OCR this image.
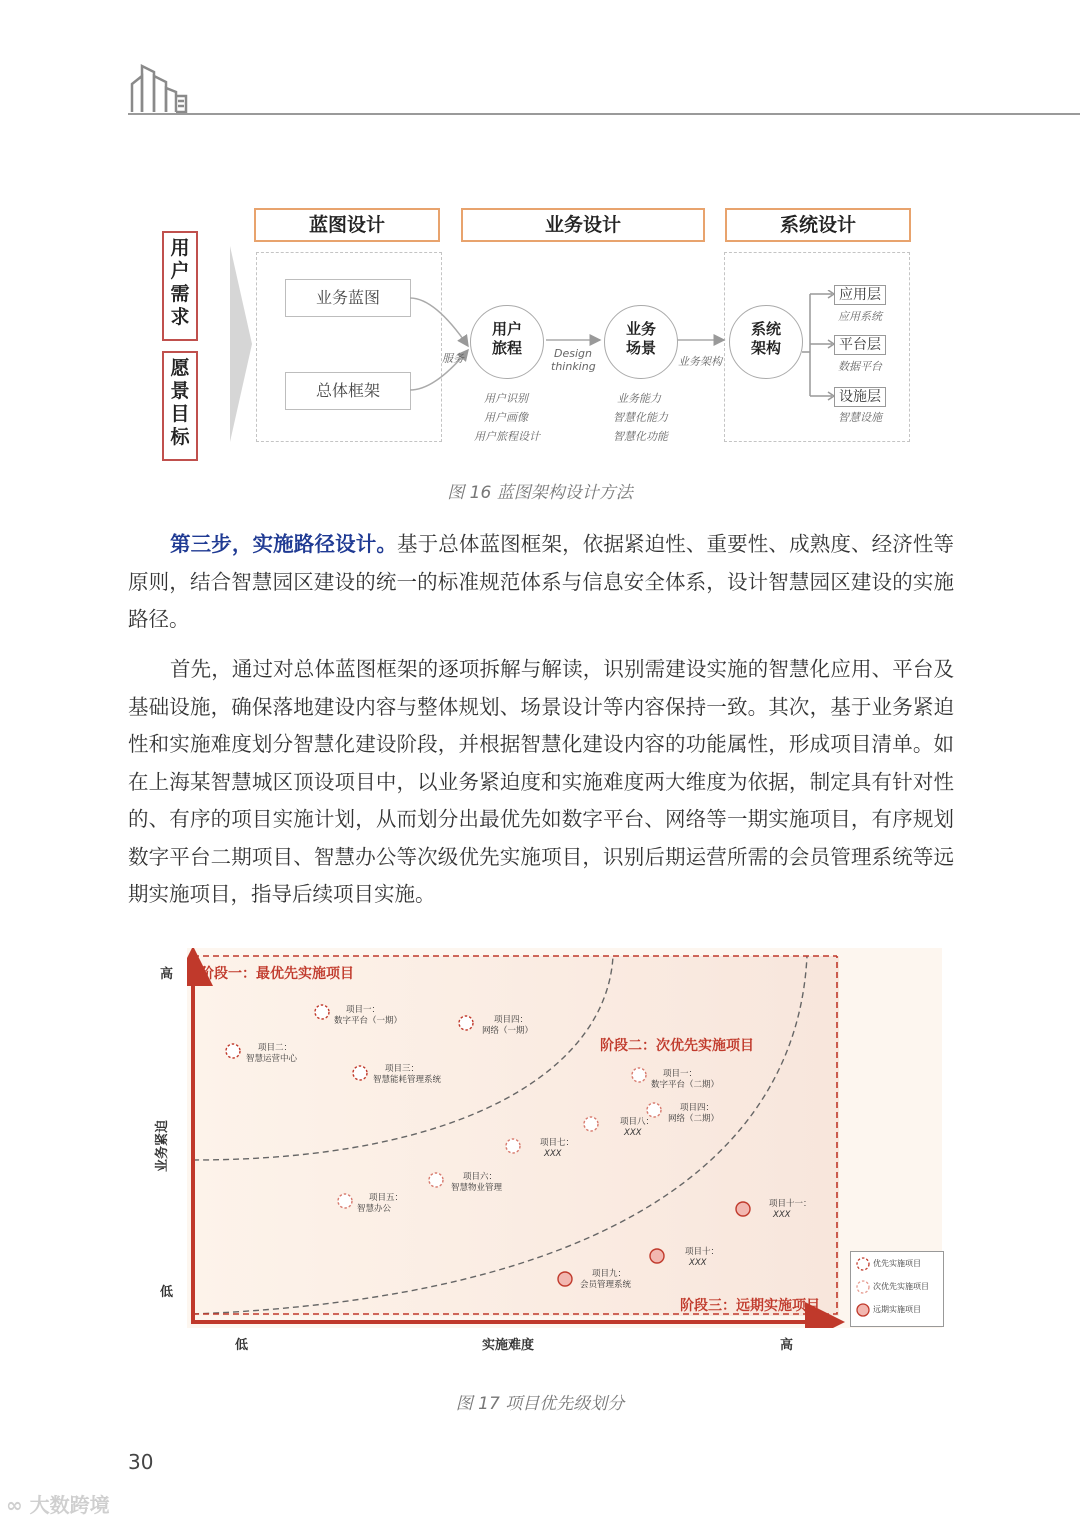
蓝图设计	业务设计	系统设计
用户需求
愿景目标
业务蓝图
总体框架
服务	Design
thinking	业务架构
用户
旅程
业务
场景
系统
架构
用户识别
用户画像
用户旅程设计
业务能力
智慧化能力
智慧化功能
应用层
应用系统
平台层
数据平台
设施层
智慧设施
图 16 蓝图架构设计方法

第三步，实施路径设计。基于总体蓝图框架，依据紧迫性、重要性、成熟度、经济性等原则，结合智慧园区建设的统一的标准规范体系与信息安全体系，设计智慧园区建设的实施路径。

首先，通过对总体蓝图框架的逐项拆解与解读，识别需建设实施的智慧化应用、平台及基础设施，确保落地建设内容与整体规划、场景设计等内容保持一致。其次，基于业务紧迫性和实施难度划分智慧化建设阶段，并根据智慧化建设内容的功能属性，形成项目清单。如在上海某智慧城区顶设项目中，以业务紧迫度和实施难度两大维度为依据，制定具有针对性的、有序的项目实施计划，从而划分出最优先如数字平台、网络等一期实施项目，有序规划数字平台二期项目、智慧办公等次级优先实施项目，识别后期运营所需的会员管理系统等远期实施项目，指导后续项目实施。

阶段一：最优先实施项目
阶段二：次优先实施项目
阶段三：远期实施项目
项目一：
数字平台（一期）	项目四：
网络（一期）
项目二：
智慧运营中心
项目三：
智慧能耗管理系统
项目一：
数字平台（二期）
项目四：
网络（二期）
项目八：
XXX
项目七：
XXX
项目六：
智慧物业管理
项目五：
智慧办公	项目十一：
XXX
项目十：
XXX
项目九：
会员管理系统
高
低
业务紧迫
低	实施难度	高
优先实施项目
次优先实施项目
远期实施项目
图 17 项目优先级划分
30
∞ 大数跨境
